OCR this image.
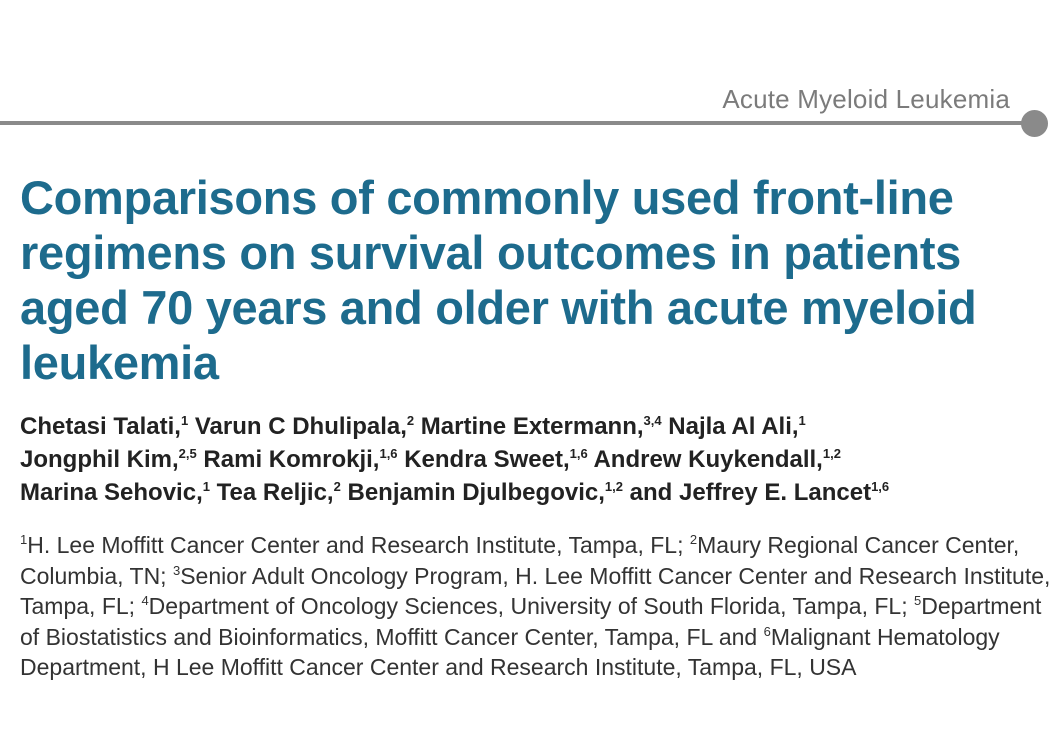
Acute Myeloid Leukemia
Comparisons of commonly used front-line regimens on survival outcomes in patients aged 70 years and older with acute myeloid leukemia

Chetasi Talati,$^1$ Varun C Dhulipala,$^2$ Martine Extermann,$^{3,4}$ Najla Al Ali,$^1$
Jongphil Kim,$^{2,5}$ Rami Komrokji,$^{1,6}$ Kendra Sweet,$^{1,6}$ Andrew Kuykendall,$^{1,2}$
Marina Sehovic,$^1$ Tea Reljic,$^2$ Benjamin Djulbegovic,$^{1,2}$ and Jeffrey E. Lancet$^{1,6}$

$^1$H. Lee Moffitt Cancer Center and Research Institute, Tampa, FL; $^2$Maury Regional Cancer Center, Columbia, TN; $^3$Senior Adult Oncology Program, H. Lee Moffitt Cancer Center and Research Institute, Tampa, FL; $^4$Department of Oncology Sciences, University of South Florida, Tampa, FL; $^5$Department of Biostatistics and Bioinformatics, Moffitt Cancer Center, Tampa, FL and $^6$Malignant Hematology Department, H Lee Moffitt Cancer Center and Research Institute, Tampa, FL, USA
